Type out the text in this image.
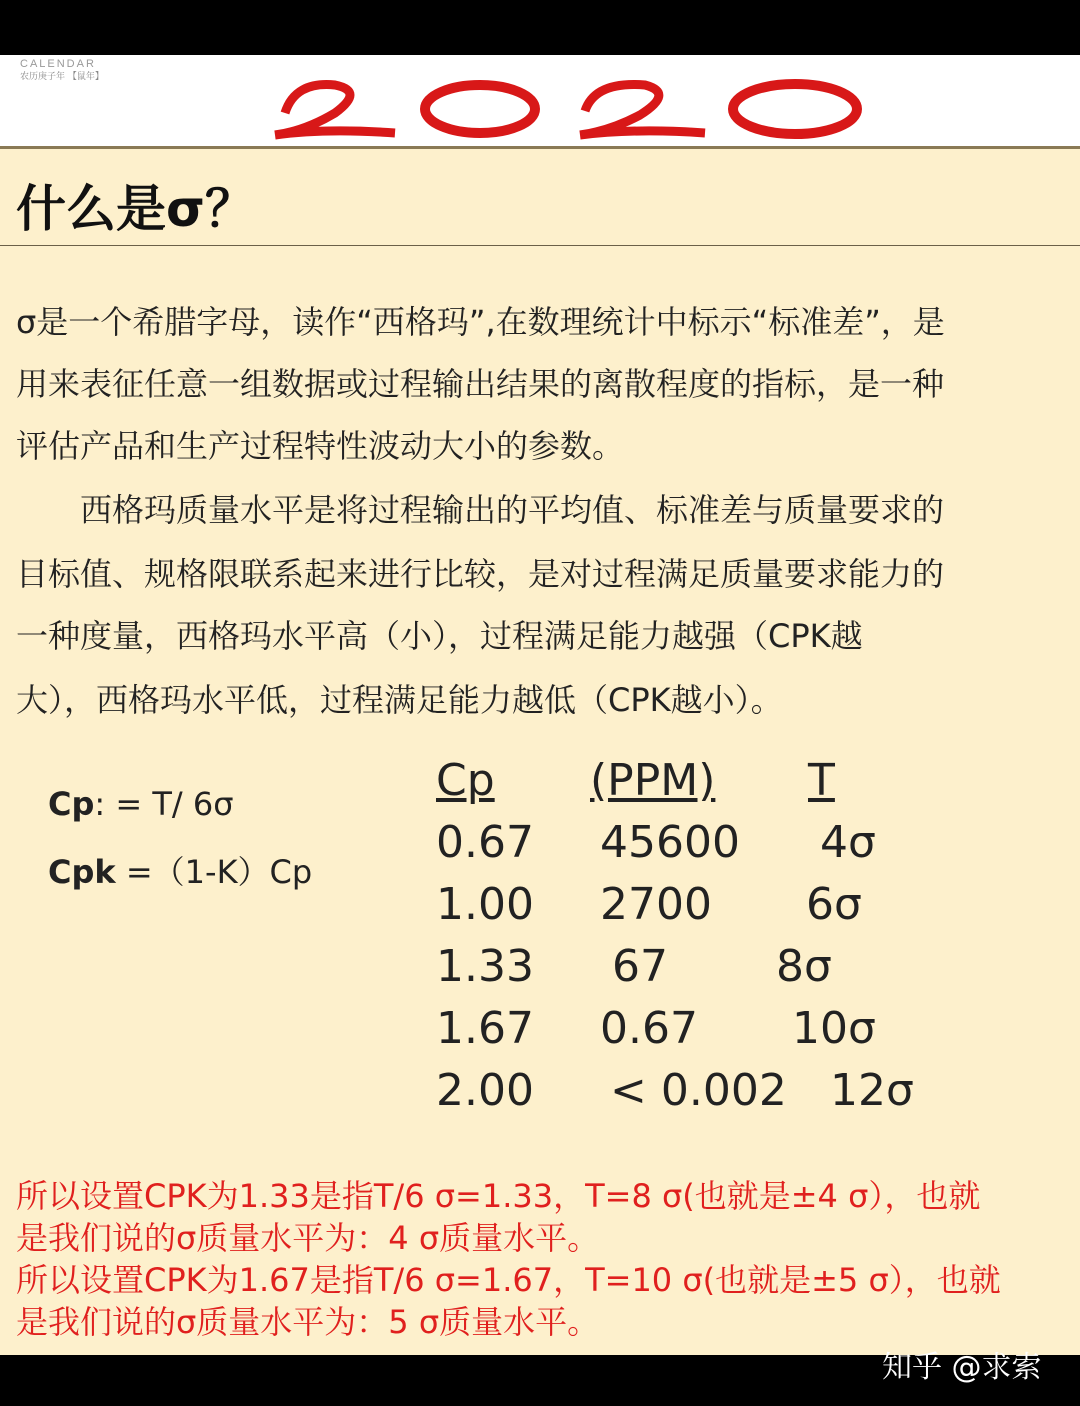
CALENDAR
农历庚子年 【鼠年】
什么是σ？
σ是一个希腊字母，读作“西格玛”,在数理统计中标示“标准差”，是
用来表征任意一组数据或过程输出结果的离散程度的指标，是一种
评估产品和生产过程特性波动大小的参数。
　西格玛质量水平是将过程输出的平均值、标准差与质量要求的
目标值、规格限联系起来进行比较，是对过程满足质量要求能力的
一种度量，西格玛水平高（小），过程满足能力越强（CPK越
大），西格玛水平低，过程满足能力越低（CPK越小）。
Cp: = T/ 6σ
Cpk =（1-K）Cp
Cp (PPM) T
0.67 45600 4σ
1.00 2700 6σ
1.33 67 8σ
1.67 0.67 10σ
2.00 < 0.002 12σ
所以设置CPK为1.33是指T/6 σ=1.33，T=8 σ(也就是±4 σ），也就
是我们说的σ质量水平为：4 σ质量水平。
所以设置CPK为1.67是指T/6 σ=1.67，T=10 σ(也就是±5 σ），也就
是我们说的σ质量水平为：5 σ质量水平。
知乎 @求索
